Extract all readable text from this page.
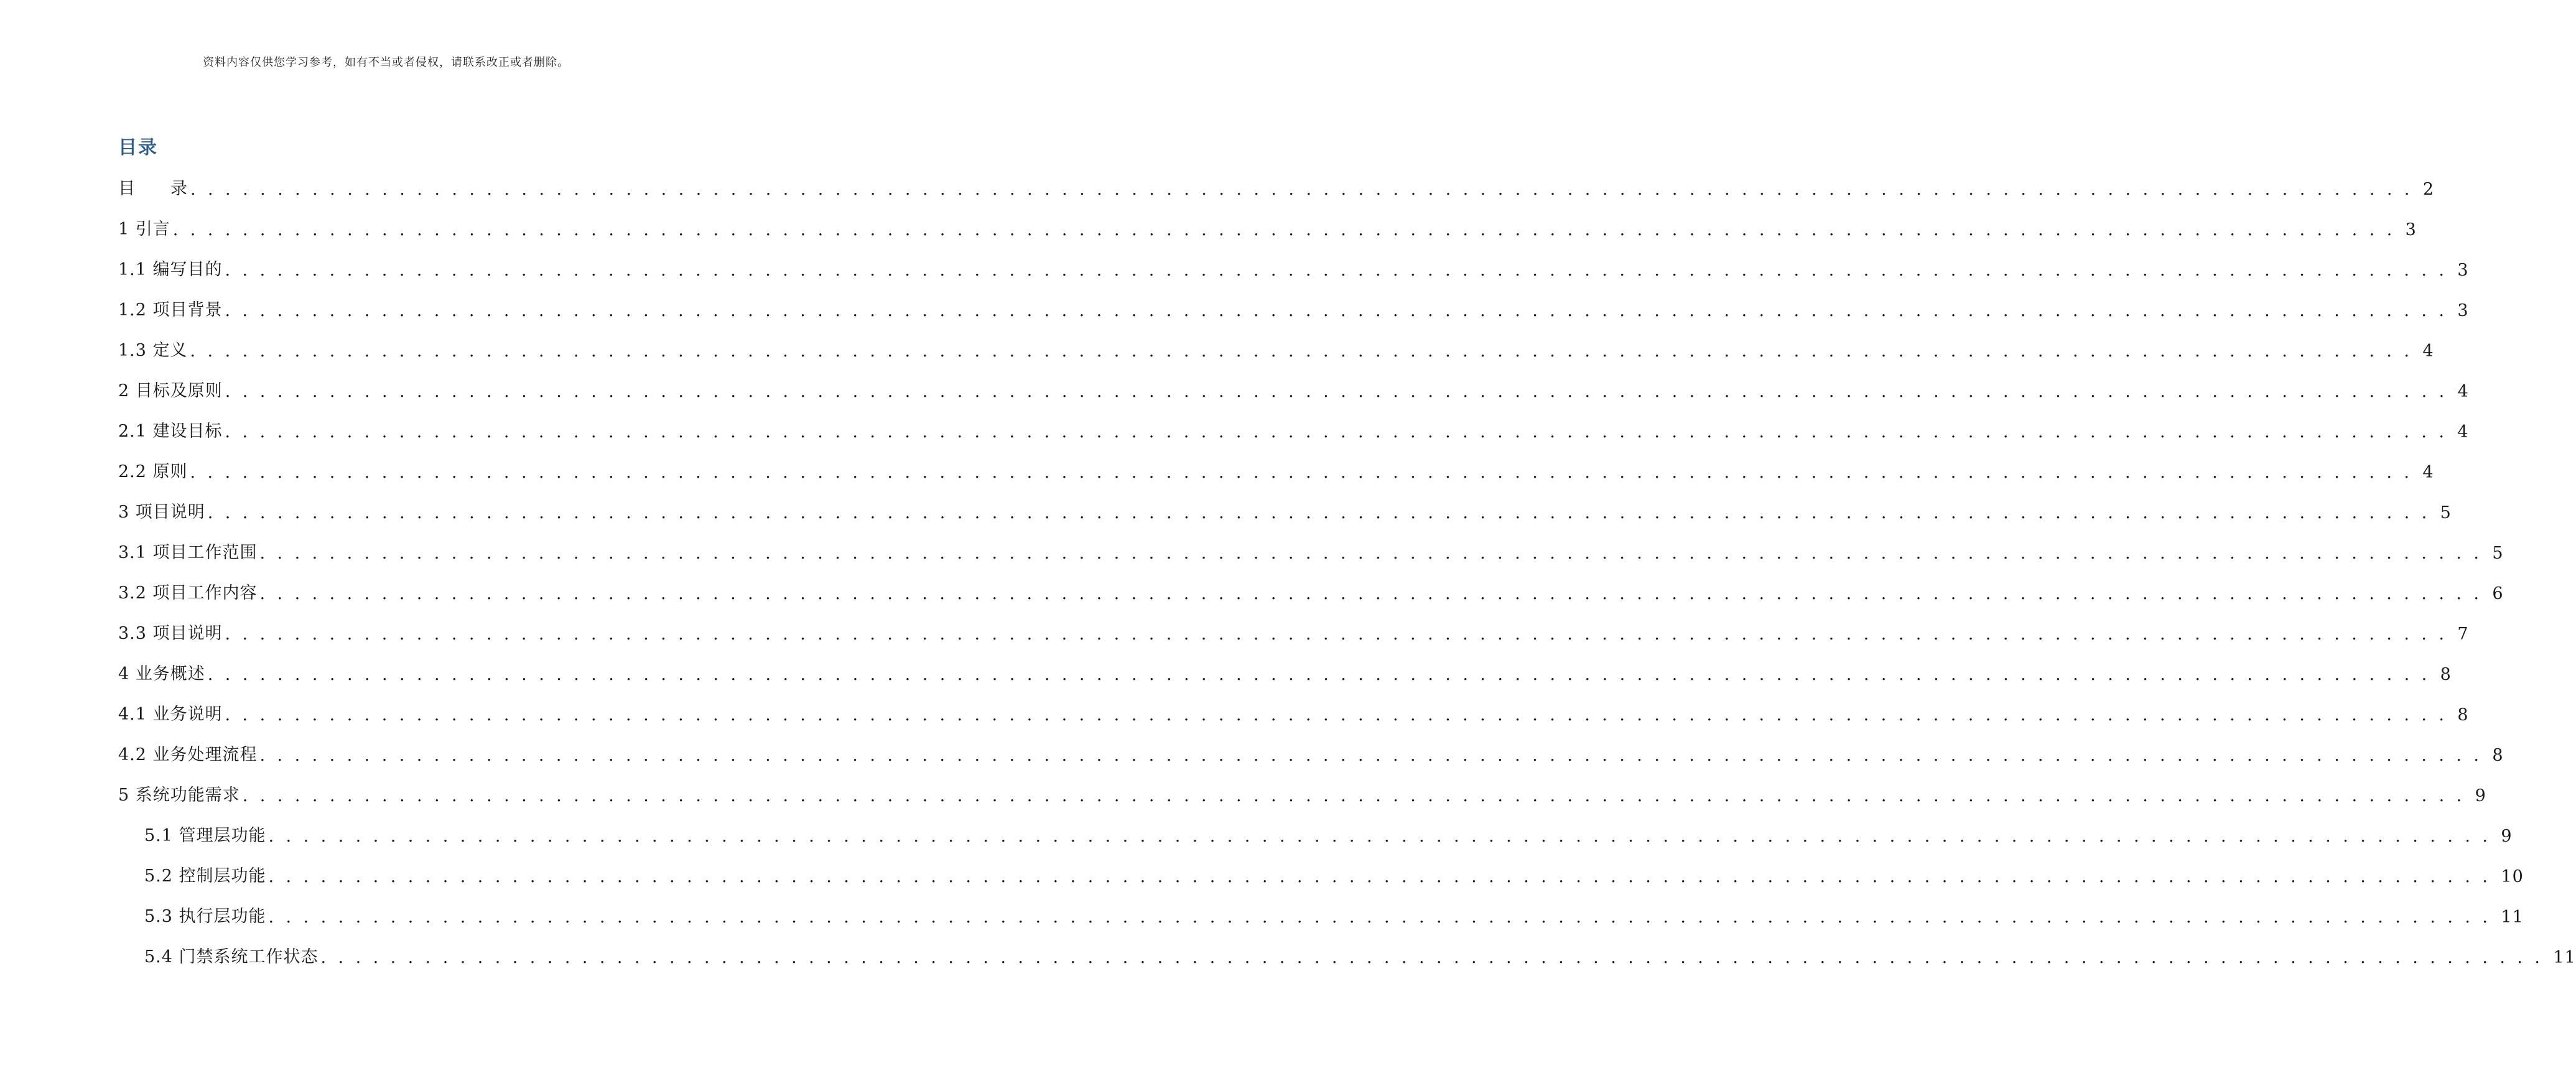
资料内容仅供您学习参考，如有不当或者侵权，请联系改正或者删除。
目录
目　　录 ................................................................................................................................ 2
1 引言 ................................................................................................................................ 3
1.1 编写目的 ................................................................................................................................ 3
1.2 项目背景 ................................................................................................................................ 3
1.3 定义 ................................................................................................................................ 4
2 目标及原则 ................................................................................................................................ 4
2.1 建设目标 ................................................................................................................................ 4
2.2 原则 ................................................................................................................................ 4
3 项目说明 ................................................................................................................................ 5
3.1 项目工作范围 ................................................................................................................................ 5
3.2 项目工作内容 ................................................................................................................................ 6
3.3 项目说明 ................................................................................................................................ 7
4 业务概述 ................................................................................................................................ 8
4.1 业务说明 ................................................................................................................................ 8
4.2 业务处理流程 ................................................................................................................................ 8
5 系统功能需求 ................................................................................................................................ 9
5.1 管理层功能 ................................................................................................................................ 9
5.2 控制层功能 ................................................................................................................................ 10
5.3 执行层功能 ................................................................................................................................ 11
5.4 门禁系统工作状态 ................................................................................................................................ 11
